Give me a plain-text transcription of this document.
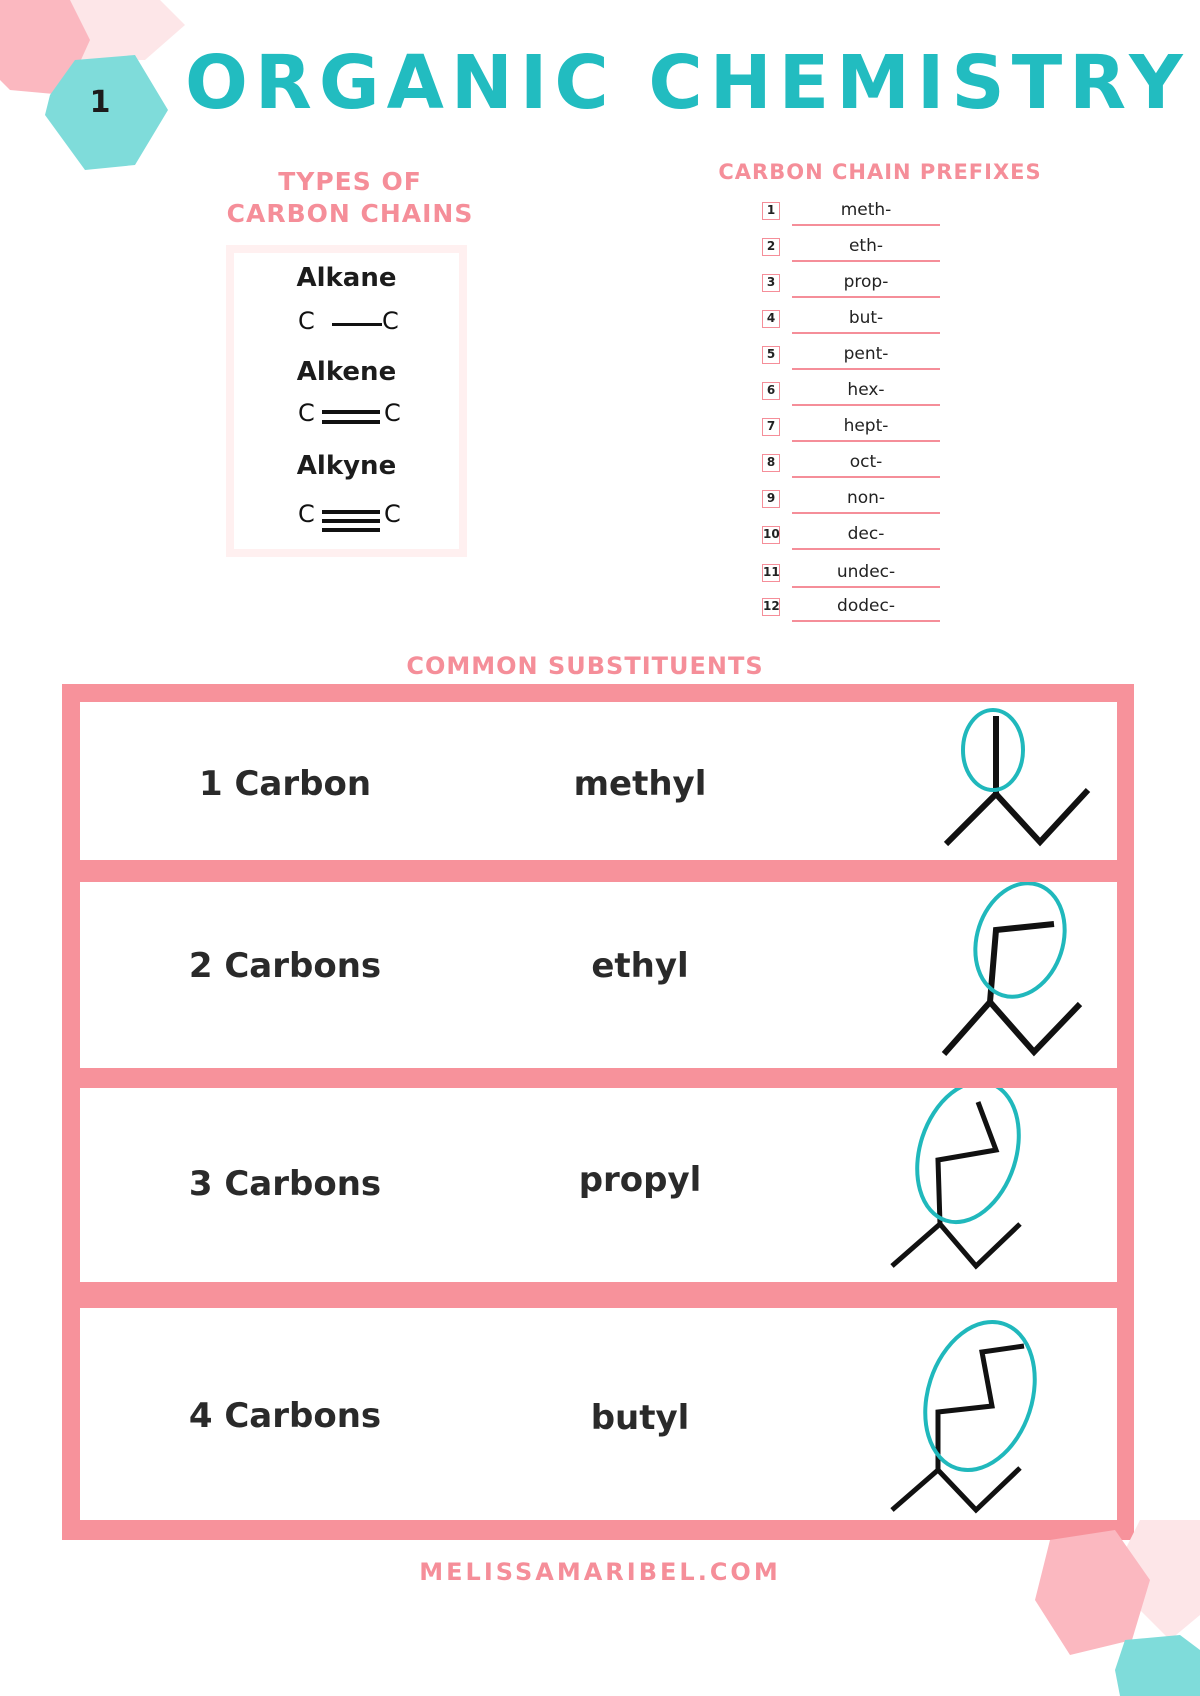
1	ORGANIC CHEMISTRY
TYPES OF
CARBON CHAINS
Alkane
C	C
Alkene
C	C
Alkyne
C	C
CARBON CHAIN PREFIXES
1	meth-
2	eth-
3	prop-
4	but-
5	pent-
6	hex-
7	hept-
8	oct-
9	non-
10	dec-
11	undec-
12	dodec-
COMMON SUBSTITUENTS
1 Carbon	methyl
2 Carbons	ethyl
3 Carbons	propyl
4 Carbons	butyl
MELISSAMARIBEL.COM
